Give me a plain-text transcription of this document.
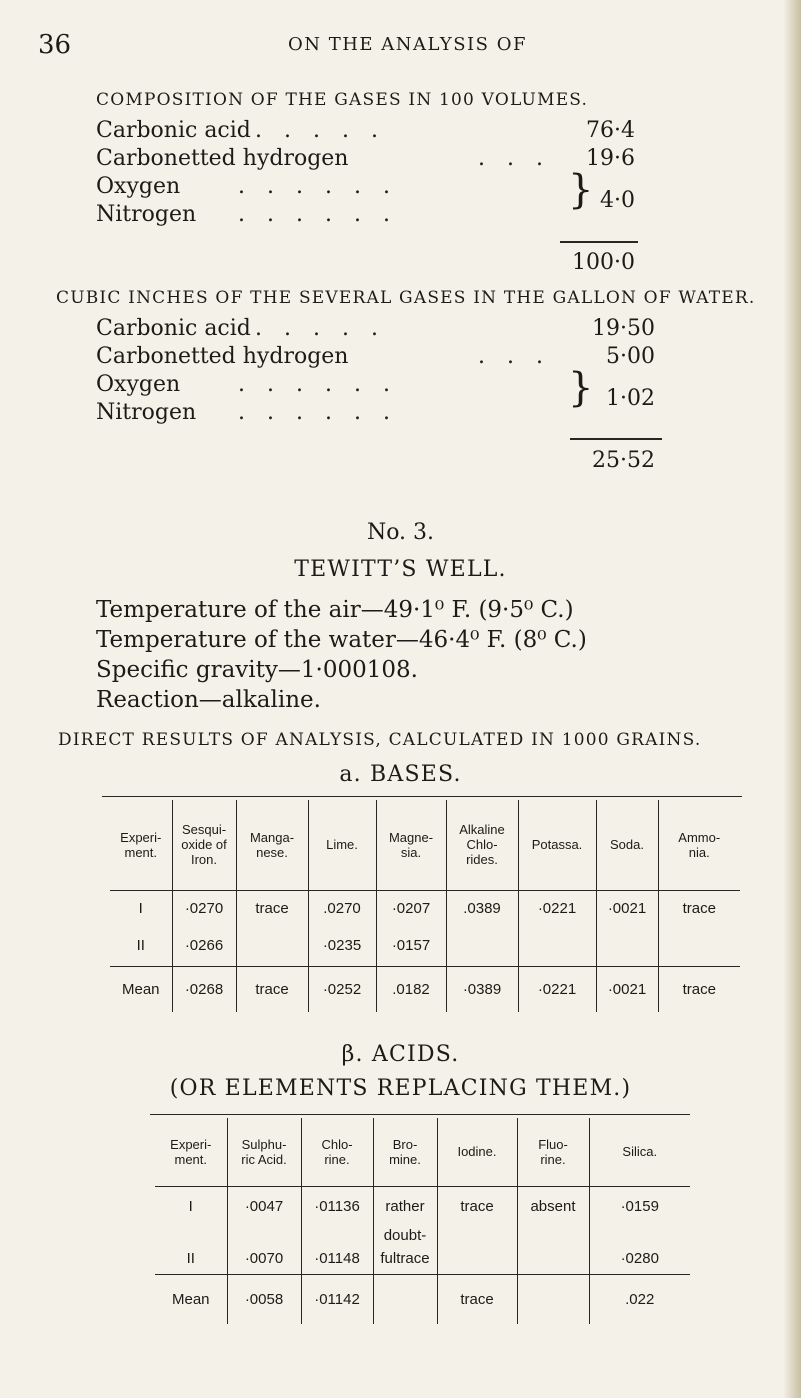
36	ON THE ANALYSIS OF
COMPOSITION OF THE GASES IN 100 VOLUMES.
Carbonic acid .....	76·4
Carbonetted hydrogen	... 19·6
Oxygen	......
Nitrogen ......
} 4·0
100·0
CUBIC INCHES OF THE SEVERAL GASES IN THE GALLON OF WATER.
Carbonic acid .....	19·50
Carbonetted hydrogen	...	5·00
Oxygen	......
Nitrogen ......
} 1·02
25·52
No. 3.
TEWITT’S WELL.
Temperature of the air—49·1⁰ F. (9·5⁰ C.)
Temperature of the water—46·4⁰ F. (8⁰ C.)
Specific gravity—1·000108.
Reaction—alkaline.
DIRECT RESULTS OF ANALYSIS, CALCULATED IN 1000 GRAINS.
a. BASES.
Experi-
ment.	Sesqui-
oxide of
Iron.	Manga-
nese.	Lime.	Magne-
sia.	Alkaline
Chlo-
rides.	Potassa.	Soda.	Ammo-
nia.
I	·0270	trace	.0270	·0207	.0389	·0221	·0021	trace
II	·0266		·0235	·0157				
Mean	·0268	trace	·0252	.0182	·0389	·0221	·0021	trace
β. ACIDS.
(OR ELEMENTS REPLACING THEM.)
Experi-
ment.	Sulphu-
ric Acid.	Chlo-
rine.	Bro-
mine.	Iodine.	Fluo-
rine.	Silica.
I	·0047	·01136	rather	trace	absent	·0159
			doubt-			
II	·0070	·01148	fultrace			·0280
Mean	·0058	·01142		trace		.022
